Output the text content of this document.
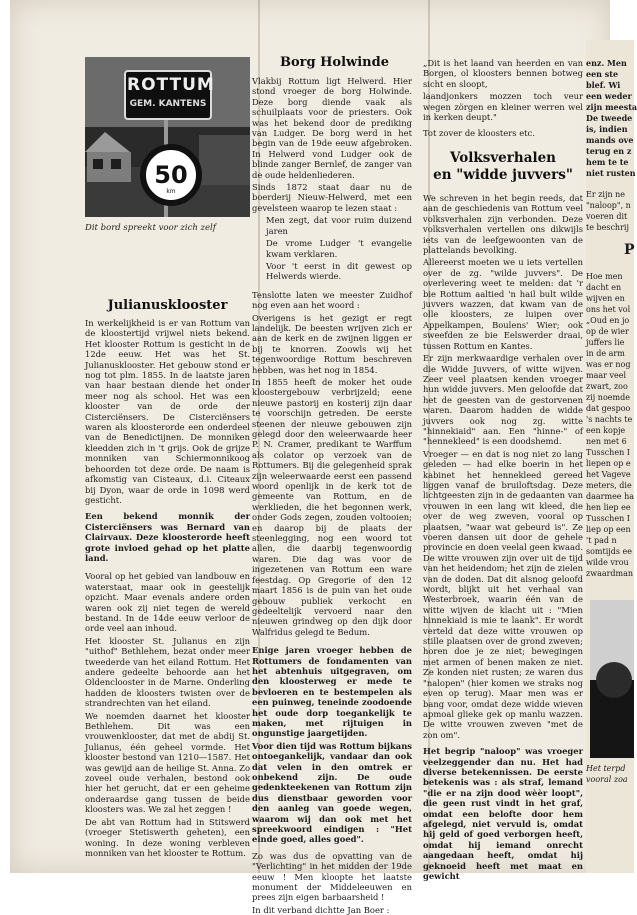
ROTTUM
GEM. KANTENS
50
km
Dit bord spreekt voor zich zelf
Julianusklooster

In werkelijkheid is er van Rottum van de kloostertijd vrijwel niets bekend. Het klooster Rottum is gesticht in de 12de eeuw. Het was het St. Julianusklooster. Het gebouw stond er nog tot plm. 1855. In de laatste jaren van haar bestaan diende het onder meer nog als school. Het was een klooster van de orde der Cisterciënsers. De Cisterciënsers waren als kloosterorde een onderdeel van de Benedictijnen. De monniken kleedden zich in 't grijs. Ook de grijze monniken van Schiermonnikoog behoorden tot deze orde. De naam is afkomstig van Cisteaux, d.i. Citeaux bij Dyon, waar de orde in 1098 werd gesticht.

Een bekend monnik der Cisterciënsers was Bernard van Clairvaux. Deze kloosterorde heeft grote invloed gehad op het platte land.

Vooral op het gebied van landbouw en waterstaat, maar ook in geestelijk opzicht. Maar evenals andere orden waren ook zij niet tegen de wereld bestand. In de 14de eeuw verloor de orde veel aan inhoud.

Het klooster St. Julianus en zijn "uithof" Bethlehem, bezat onder meer tweederde van het eiland Rottum. Het andere gedeelte behoorde aan het Oldenclooster in de Marne. Onderling hadden de kloosters twisten over de strandrechten van het eiland.

We noemden daarnet het klooster Bethlehem. Dit was een vrouwenklooster, dat met de abdij St. Julianus, één geheel vormde. Het klooster bestond van 1210—1587. Het was gewijd aan de heilige St. Anna. Zo zoveel oude verhalen, bestond ook hier het gerucht, dat er een geheime onderaardse gang tussen de beide kloosters was. We zal het zeggen !

De abt van Rottum had in Stitswerd (vroeger Stetiswerth geheten), een woning. In deze woning verbleven monniken van het klooster te Rottum.

Borg Holwinde

Vlakbij Rottum ligt Helwerd. Hier stond vroeger de borg Holwinde. Deze borg diende vaak als schuilplaats voor de priesters. Ook was het bekend door de prediking van Ludger. De borg werd in het begin van de 19de eeuw afgebroken. In Helwerd vond Ludger ook de blinde zanger Bernlef, de zanger van de oude heldenliederen.

Sinds 1872 staat daar nu de boerderij Nieuw-Helwerd, met een gevelsteen waarop te lezen staat :

Men zegt, dat voor ruim duizend jaren

De vrome Ludger 't evangelie kwam verklaren.

Voor 't eerst in dit gewest op Helwerds wierde.

Tenslotte laten we meester Zuidhof nog even aan het woord :

Overigens is het gezigt er regt landelijk. De beesten wrijven zich er aan de kerk en de zwijnen liggen er bij te knorren. Zoowls wij het tegenwoordige Rottum beschreven hebben, was het nog in 1854.

In 1855 heeft de moker het oude kloostergebouw verbrijzeld; eene nieuwe pastorij en kosterij zijn daar te voorschijn getreden. De eerste steenen der nieuwe gebouwen zijn gelegd door den weleerwaarde heer P. N. Cramer, predikant te Warffum als colator op verzoek van de Rottumers. Bij die gelegenheid sprak zijn weleerwaarde eerst een passend woord openlijk in de kerk tot de gemeente van Rottum, en de werklieden, die het begonnen werk, onder Gods zegen, zouden voltooien; en daarop bij de plaats der steenlegging, nog een woord tot allen, die daarbij tegenwoordig waren. Die dag was voor de ingezetenen van Rottum een ware feestdag. Op Gregorie of den 12 maart 1856 is de puin van het oude gebouw publiek verkocht en gedeeltelijk vervoerd naar den nieuwen grindweg op den dijk door Walfridus gelegd te Bedum.

Enige jaren vroeger hebben de Rottumers de fondamenten van het abtenhuis uitgegraven, om den kloosterweg er mede te bevloeren en te bestempelen als een puinweg, teneinde zoodoende het oude dorp toegankelijk te maken, met rijtuigen in ongunstige jaargetijden.

Voor dien tijd was Rottum bijkans ontoegankelijk, vandaar dan ook dat velen in den omtrek er onbekend zijn. De oude gedenkteekenen van Rottum zijn dus dienstbaar geworden voor den aanleg van goede wegen, waarom wij dan ook met het spreekwoord eindigen : "Het einde goed, alles goed".

Zo was dus de opvatting van de "Verlichting" in het midden der 19de eeuw ! Men kloopte het laatste monument der Middeleeuwen en prees zijn eigen barbaarsheid !

In dit verband dichtte Jan Boer :

„Dit is het laand van heerden en van Borgen, ol kloosters bennen botweg sicht en sloopt,

laandjonkers mozzen toch veur wegen zörgen en kleiner werren wel in kerken deupt."

Tot zover de kloosters etc.

Volksverhalen
en "widde juvvers"

We schreven in het begin reeds, dat aan de geschiedenis van Rottum veel volksverhalen zijn verbonden. Deze volksverhalen vertellen ons dikwijls iets van de leefgewoonten van de plattelands bevolking.

Allereerst moeten we u iets vertellen over de zg. "wilde juvvers". De overlevering weet te melden: dat 'r bie Rottum aaltied 'n hail bult wilde juvvers wazzen, dat kwam van de olle kloosters, ze luipen over Appelkampen, Boulens' Wier; ook sweefden ze bie Eelswerder draai, tussen Rottum en Kantes.

Er zijn merkwaardige verhalen over die Widde Juvvers, of witte wijven. Zeer veel plaatsen kenden vroeger hun widde juvvers. Men geloofde dat het de geesten van de gestorvenen waren. Daarom hadden de widde juvvers ook nog zg. witte "hinnekiaid" aan. Een "hinne-" of "hennekleed" is een doodshemd.

Vroeger — en dat is nog niet zo lang geleden — had elke boerin in het kabinet het hennekleed gereed liggen vanaf de bruiloftsdag. Deze lichtgeesten zijn in de gedaanten van vrouwen in een lang wit kleed, die over de weg zweven, vooral op plaatsen, "waar wat gebeurd is". Ze voeren dansen uit door de gehele provincie en doen veelal geen kwaad. De witte vrouwen zijn over uit de tijd van het heidendom; het zijn de zielen van de doden. Dat dit alsnog geloofd wordt, blijkt uit het verhaal van Westerbroek, waarin één van de witte wijven de klacht uit : "Mien hinnekiaid is mie te laank". Er wordt verteld dat deze witte vrouwen op stille plaatsen over de grond zweven; horen doe je ze niet; bewegingen met armen of benen maken ze niet. Ze konden niet rusten; ze waren dus "nalopen" (hier komen we straks nog even op terug). Maar men was er bang voor, omdat deze widde wieven apmoal glieke gek op manlu wazzen. De witte vrouwen zweven "met de zon om".

Het begrip "naloop" was vroeger veelzeggender dan nu. Het had diverse betekennissen. De eerste betekenis was : als straf, lemand "die er na zijn dood wèèr loopt", die geen rust vindt in het graf, omdat een belofte door hem afgelegd, niet vervuld is, omdat hij geld of goed verborgen heeft, omdat hij iemand onrecht aangedaan heeft, omdat hij geknoeid heeft met maat en gewicht

enz. Men
een ste
blef. Wi
een weder
zijn meesta
De tweede
is, indien
mands ove
terug en z
hem te te
niet rusten
Er zijn ne
"naloop", n
voeren dit
te beschrij
P
Hoe men
dacht en
wijven en
ons het vol
„Oud en jo
op de wier
juffers lie
in de arm
was er nog
maar veel
zwart, zoo
zij noemde
dat gespoo
's nachts te
een kopje
nen met 6
Tusschen I
liepen op e
het Vageve
meters, die
daarmee ha
hen liep ee
Tusschen I
liep op een
't pad n
somtijds ee
wilde vrou
zwaardman
Het terpd
vooral zoa
